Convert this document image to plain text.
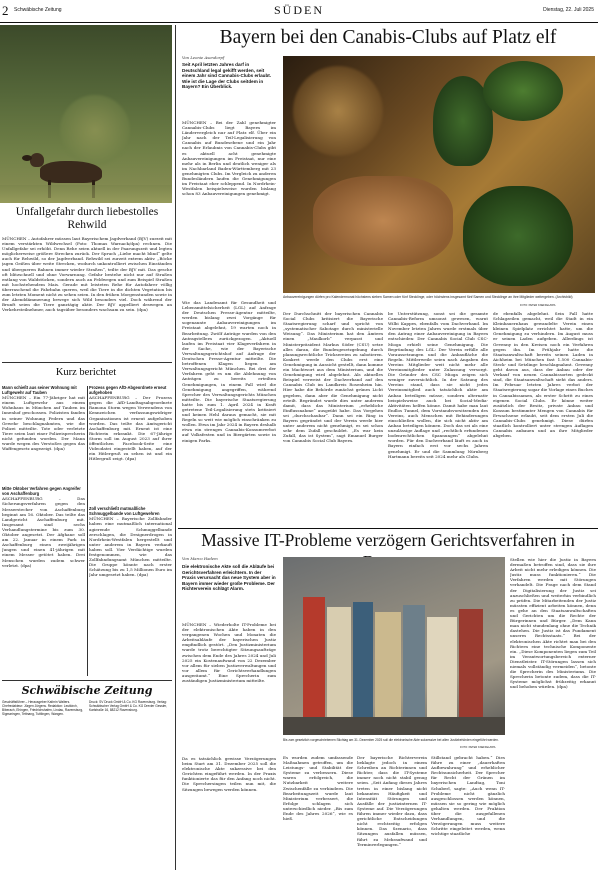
2 Schwäbische Zeitung	SÜDEN	Dienstag, 22. Juli 2025
Unfallgefahr durch liebestolles Rehwild
MÜNCHEN – Autofahrer müssen laut Bayerischem Jagdverband (BJV) zurzeit mit einem verstärkten Wildwechsel (Foto: Thomas Warnack/dpa) rechnen. Die Unfallgefahr sei erhöht. Denn Rehe seien aktuell in der Paarungszeit und legten möglicherweise größere Strecken zurück. Der Spruch „Liebe macht blind“ gelte auch für Rehwild, so der Jagdverband. Rehwild sei zurzeit extrem aktiv. „Böcke jagen Geißen über weite Strecken, wodurch unkontrolliert zwischen Einständen und übergueren Bahnen immer wieder Straßen“, teilte der BJV mit. Das gesche oft blitzschnell und ohne Vorwarnung. Gefahr bestehe nicht nur auf Straßen entlang von Waldstücken, sondern auch an Feldwegen und zum Beispiel Straßen mit hochstehendem Mais. Gerade mit leisteten Rehe für Autofahrer völlig überraschend die Fahrbahn queren, weil die Tiere in die dichten Vegetation bis zum letzten Moment nicht zu sehen seien. In den frühen Morgenstunden sowie in der Abenddämmerung bewege sich Wild besonders viel. Doch während der Brunft seien die Tiere ganztägig aktiv. Der BJV appelliert deswegen an Verkehrsteilnehmer, auch tagsüber besonders wachsam zu sein. (dpa)
Kurz berichtet
Mann schießt aus seiner Wohnung mit Luftgewehr auf Tauben
MÜNCHEN – Ein 77-Jähriger hat mit einem Luftgewehr aus einem Wohnhaus in München auf Tauben im Innenhof geschossen. Polizisten fanden in seiner Wohnung Federn und das Gewehr beschlagnahmten, wie die Polizei mitteilte. Tote oder verletzte Tiere seien laut einer Polizeisprecherin nicht gefunden worden. Der Mann wurde wegen des Verstoßes gegen das Waffengesetz angezeigt. (dpa)
Mitte Oktober Verfahren gegen Angreifer von Aschaffenburg
ASCHAFFENBURG – Das Sicherungsverfahren gegen den Messerstecher von Aschaffenburg beginnt am 16. Oktober. Das teilte das Landgericht Aschaffenburg mit. Insgesamt sind sechs Verhandlungstermine bis zum 30. Oktober angesetzt. Der Afghane soll am 22. Januar in einem Park in Aschaffenburg einen zweijährigen Jungen und einen 41-jährigen mit einem Messer getötet haben. Drei Menschen wurden zudem schwer verletzt. (dpa)
Prozess gegen AfD-Abgeordnete erneut aufgehoben
ASCHAFFENBURG – Der Prozess gegen die AfD-Landtagsabgeordnete Ramona Storm wegen Verwendens von Kennzeichen verfassungswidriger Organisationen ist erneut aufgehoben worden. Das teilte das Amtsgericht Aschaffenburg mit. Erneut ist eine Richterin erkrankt. Die 67-Jährige Storm soll im August 2023 auf ihrer öffentlichen Facebook-Seite eine Videodatei eingestellt haben, auf der ein Hitlergruß zu sehen ist und ein Hitlergruß zeigt. (dpa)
Zoll verschließt mutmaßliche Schmuggelbande von Luftgewehren
MÜNCHEN – Bayerische Zollfahnder haben eine mutmaßlich international agierende Schmuggelbande zerschlagen, die Designerdrogen in Nordrhein-Westfalen hergestellt und unter anderem in Bayern verkauft haben soll. Vier Verdächtige wurden festgenommen, wie das Zollfahndungsamt München mitteilte. Die Gruppe könnte nach erster Schätzung bis zu 1,5 Millionen Euro im Jahr umgesetzt haben. (dpa)
Schwäbische Zeitung
Geschäftsführer – Herausgeber Kathrin Walters. Chefredakteur: Jürgen Jürgens. Redaktion: Leutkirch, Biberach, Ehingen, Friedrichshafen, Lindau, Ravensburg, Sigmaringen, Tettnang, Tuttlingen, Wangen.
Druck: SV Druck GmbH & Co. KG Ravensburg. Verlag: Schwäbischer Verlag GmbH & Co. KG Drexler Gessler, Karlstraße 16, 88212 Ravensburg.
Bayern bei den Canabis-Clubs auf Platz elf
Von Leonie Asendorpf
Seit April letzten Jahres darf in Deutschland legal gekifft werden, seit einem Jahr sind Cannabis-Clubs erlaubt. Wie ist die Lage der Clubs seitdem in Bayern? Ein Überblick.
Anbauvereinigungen dürfen pro Kalendermonat höchstens sieben Samen oder fünf Stecklinge, oder höchstens insgesamt fünf Samen und Stecklinge an ihre Mitglieder weitergeben. (Archivbild)
FOTO: PETER KNEFFEL/DPA
MÜNCHEN – Bei der Zahl genehmigter Cannabis-Clubs liegt Bayern im Ländervergleich nur auf Platz elf. Über ein Jahr nach der Teil-Legalisierung von Cannabis auf Bundesebene und ein Jahr nach der Erlaubnis von Cannabis-Clubs gibt es aktuell acht genehmigte Anbauvereinigungen im Freistaat, nur eine mehr als in Berlin und deutlich weniger als im Nachbarland Baden-Württemberg mit 23 genehmigten Clubs. Im Vergleich zu anderen Bundesländern laufen die Genehmigungen im Freistaat eher schleppend. In Nordrhein-Westfalen beispielsweise wurden bislang schon 83 Anbauvereinigungen genehmigt.
Wie das Landesamt für Gesundheit und Lebensmittelsicherheit (LGL) auf Anfrage der Deutschen Presse-Agentur mitteilte, werden bislang zwei Vorgänge für sogenannte Anbauvereinigungen im Freistaat abgelehnt, 19 warten noch in Bearbeitung. Zwölf Anträge wurden von den Antragstellern zurückgezogen. „Aktuell laufen im Freistaat vier Klageverfahren in der Sache, wie der Bayerische Verwaltungsgerichtshof auf Anfrage der Deutschen Presse-Agentur mitteilte. Die betroffenen Klagen liegen am Verwaltungsgericht München. Bei drei der Verfahren geht es um die Ablehnung von Anträgen zu bereits erteilten Genehmigungen, in einem Fall wird die Genehmigung angegriffen, während Sprecher des Verwaltungsgerichts München mitteilte. Die bayerische Staatsregierung hatte bis zum 1. April 2024 in Kraft getretene Teil-Legalisierung stets kritisiert und keinen Hehl daraus gemacht, sie mit Regeln so weit wie möglich einschränken zu wollen. Etwa im Jahr 2024 in Bayern deshalb etwa ein strenges Cannabis-Konsumverbot auf Volksfesten und in Biergärten sowie in einigen Parks.
Der Durchschnitt der bayerischen Cannabis Social Clubs kritisiert die Bayerische Staatsregierung scharf und spricht von „systematischer Sabotage durch ministerielle Weisung“. Das Ministerium hat den Ämtern einen „Maulkorb“ verpasst und Ministerpräsident Markus Söder (CSU) setze alles daran, die Bundesgesetzgebung durch planungsrechtliche Tricksereien zu sabotieren. Konkret werde den Clubs erst eine Genehmigung in Aussicht gestellt, dann komme ein Machtwort aus dem Ministerium, und die Genehmigung wird abgelehnt. Als aktuelles Beispiel verweist der Dachverband auf den Cannabis Club im Landkreis Rosenheim hin. Hier habe die Behörde zunächst grünes Licht gegeben, dann aber die Genehmigung nicht erteilt. Begründet wurde dies unter anderem damit, dass das Ministerium „erhebliche Einflussnahme“ ausgeübt habe. Das Vorgehen sei „durchschaubar“. Dann sei ein Ring in Bayern gegründet und der Verein werde hier unter anderem nicht genehmigt, es sei schon sehr dem Zufall geschuldet. „Es war kein Zufall, das ist System“, sagt Emanuel Burger von Cannabis Social Club Bayern.
be Unterstützung, sonst sei die gesamte Cannabis-Reform umsonst gewesen, warnt Wilbi Kappes, ebenfalls vom Dachverband. Im November letzten Jahres wurde erstmals über den Antrag einer Anbauvereinigung in Bayern entschieden: Der Cannabis Social Club CSC-Mioga erhielt seine Genehmigung. Die Begründung des LGL: Der Verein erfülle alle Voraussetzungen und die Anbaufläche die Regeln. Mittlerweile seien nach Angaben des Vereins Mitglieder weit nicht mehr alle Vereinsmitglieder unter Zulassung versorgt. Die Gründer des CSC Mioga zeigen sich weniger zuversichtlich. In der Satzung des Vereins stand, dass sie nicht jedes Vereinsmitglied auch tatsächlich aktiv am Anbau beteiligen müsse, sondern alternativ beispielsweise auch bei Social-Media-Aktivitäten helfen könne. Damit habe man laut Endlos Tunnel, dem Vorstandsvorsitzenden des Vereins, auch Menschen mit Behinderungen einschließen wollen, die sich nicht aktiv am Anbau beteiligen können. Doch das sei als eine unzulässige Auflage und „rechtlich erfundenen bodenrechtlichen Spannungen“ abgelehnt worden. Für den Dachverband läuft es auch in Bayern einfach erst vor sechs Jahren genehmigt. Er und die Sammlung Nürnberg Hartmann bereits seit 2024 mehr als Clubs.
de ebenfalls abgelehnt. Sein Fall hatte Schlagzeilen gemacht, weil die Stadt in ein Kleinbauernhaus gewandelte Verein einen kleinen Spielplatz errichtet hatte, um die Genehmigung zu verhindern. Im August muss er seinen Laden aufgeben. Allerdings ist Gevenny in den Kreisen noch ein Verfahren gegen ihn. Im Frühjahr hatte die Staatsanwaltschaft bereits seinen Laden in Aichheim bei München fast 1.500 Cannabis-Steck- und Setzlinge beschlagnahmt. Gevenny geht davon aus, dass der Anbau oder der Verkauf von neuen Cannabissorten gedeckt sind, die Staatsanwaltschaft sieht das anders. Im Februar letzten Jahres verbot der Staatsregierung sogar die Vorlage eines Buches in Cannabissamen, als erster Schritt zu eines eigenen Social Clubs. Er könne weiter zusätzlich der Besitz, private Anbau und Konsum bestimmter Mengen von Cannabis für Erwachsene erlaubt, seit dem ersten Juli die Cannabis-Clubs genehmigt. Diese dürfen staatlich kontrolliert unter strengen Auflagen Cannabis anbauen und an ihre Mitglieder abgeben.
Massive IT-Probleme verzögern Gerichtsverfahren in
Von Marco Hadem
Die elektronische Akte soll die Abläufe bei Gerichtsverfahren erleichtern. In der Praxis verursacht das neue System aber in Bayern immer wieder große Probleme. Der Richterverein schlägt Alarm.
MÜNCHEN – Wiederholte IT-Probleme bei der elektronischen Akte haben in den vergangenen Wochen und Monaten die Arbeitsabläufe der bayerischen Justiz empfindlich gestört. „Den Justizministerium wurde trotz berechtigter Sitzungsaufträge zwischen dem Ende des Jahres 2024 und Juli 2025 ein Kostenaufwand von 22 Dezember vor allem für sieben Justizverwaltungen und vor allem für Gerichtsverhandlungen ausgeräumt.“ Eine Sprecherin zum zuständigen Justizministerium mitteilte.
Da es tatsächlich gewisse Verzögerungen beim Start am 31. Dezember 2025 soll die elektronische Akte sukzessive bei den Gerichten eingeführt werden. In der Praxis funktionierte das für den Anfang noch nicht. Die Sprechersingen teilen nun mit, die Sitzungen bewegen werden können.
Bis zum gesetzlich vorgeschriebenen Stichtag am 31. Dezember 2025 soll die elektronische Akte sukzessive bei allen Justizbehörden eingeführt werden.
FOTO: PETER KNEFFEL/DPA
Es wurden zudem umfassende Maßnahmen getroffen, um die Leistungs- und Stabilität der Systeme zu verbessern. Diese waren erfolgreich, die Nutzbarkeit weitere Zwischenfälle zu verhindern. Die Bearbeitungszeit wurde laut Ministerium verbessert, die Erfolge schlagen sich unterschiedlich nieder. „Bis zum Ende des Jahres 2026“, wie es hieß.
Der bayerische Richterverein beklagte jedoch in einem Schreiben an Richterinnen und Richter, dass die IT-Systeme immer noch nicht stabil genug seien. „Seit Anfang dieses Jahres treten in einer bislang nicht bekannten Häufigkeit und Intensität Störungen und Ausfälle der justizinternen IT-Systeme auf. Die Verzögerungen führen immer wieder dazu, dass gerichtliche Entscheidungen nicht rechtzeitig erfolgen können. Das Szenario, dass Sitzungen ausfallen müssen, führt zu Mehraufwand und Terminverlegungen.“
Stillstand gebracht haben.“ Dies führe zu einer „dauerhaften Aufbewahrung“ und erheblicher Rechtsunsicherheit. Der Sprecher für Recht der Grünen im bayerischen Landtag, Toni Schuberl, sagte: „Auch wenn IT-Probleme nicht gänzlich ausgeschlossen werden können, müssen sie so gering wie möglich gehalten werden. Der Fraktion über die ausgefallenen Verhandlungen, und die Verzögerungen muss weitere Schritte eingeleitet werden, wenn wichtige staatliche
Stellen wie hier die Justiz in Bayern dermaßen betroffen sind, dass sie ihre Arbeit nicht mehr erledigen können. Die Justiz muss funktionieren.“ Die Verfahren werden mit Störungen verhandelt. Die Frage nach dem Stand der Digitalisierung der Justiz sei anzuschließen und weiterhin verbindlich zu prüfen. Die Mitarbeitenden der Justiz müssten effizient arbeiten können, denn es gehe an den Staatsanwaltschaften und Gerichten um die Rechte der Bürgerinnen und Bürger. „Dem Kann man nicht stundenlang ohne die Technik dastehen. Die Justiz ist das Fundament unseres Rechtsstaats.“ Bei der elektronischen Akte richtet man bei den Richtern eine technische Komponente ein. „Diese Komponenten liegen zum Teil im Verantwortungsbereich externer Dienstleister. IT-Störungen lassen sich niemals vollständig vermeiden“, betonte die Sprecherin des Ministeriums. Die Sprecherin betonte zudem, dass die IT-Systeme möglichst frühzeitig erkannt und behoben würden. (dpa)
